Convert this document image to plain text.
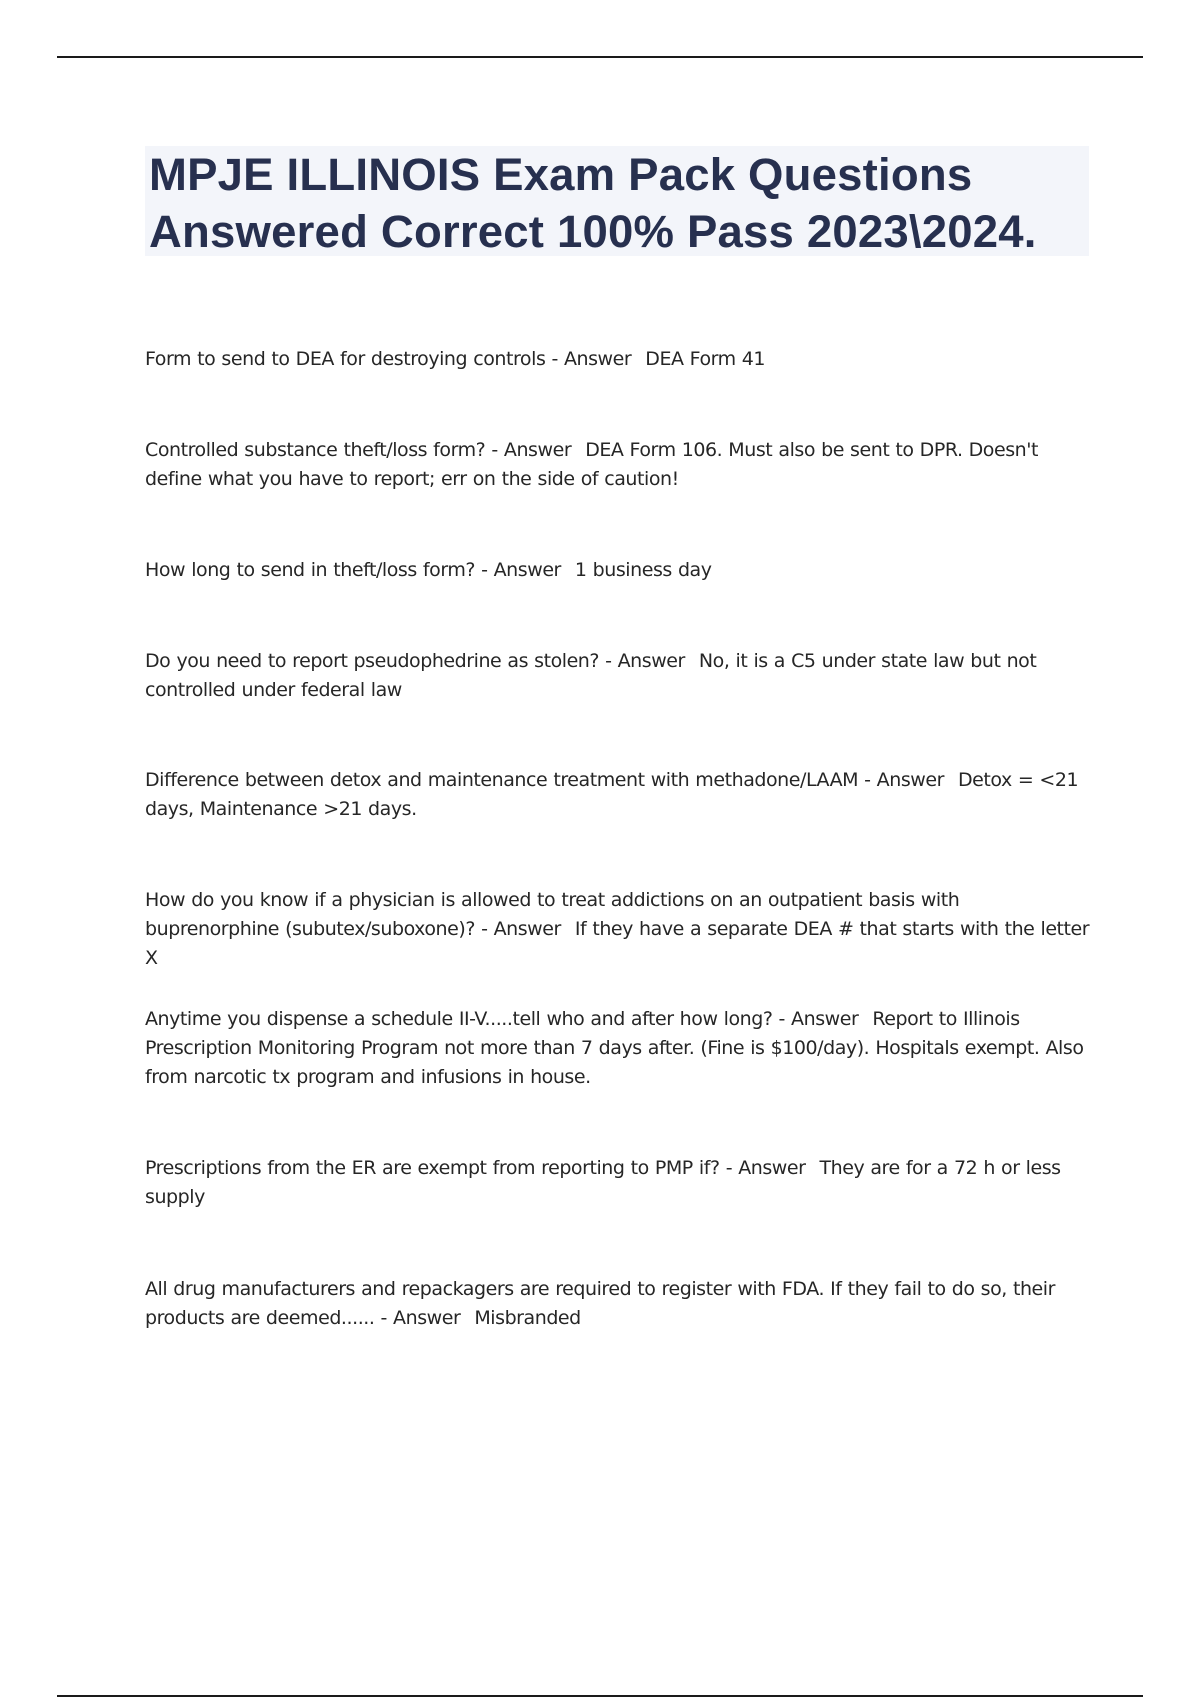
MPJE ILLINOIS Exam Pack Questions
Answered Correct 100% Pass 2023\2024.
Form to send to DEA for destroying controls - Answer DEA Form 41
Controlled substance theft/loss form? - Answer DEA Form 106. Must also be sent to DPR. Doesn't define what you have to report; err on the side of caution!
How long to send in theft/loss form? - Answer 1 business day
Do you need to report pseudophedrine as stolen? - Answer No, it is a C5 under state law but not controlled under federal law
Difference between detox and maintenance treatment with methadone/LAAM - Answer Detox = <21 days, Maintenance >21 days.
How do you know if a physician is allowed to treat addictions on an outpatient basis with buprenorphine (subutex/suboxone)? - Answer If they have a separate DEA # that starts with the letter X
Anytime you dispense a schedule II-V.....tell who and after how long? - Answer Report to Illinois Prescription Monitoring Program not more than 7 days after. (Fine is $100/day). Hospitals exempt. Also from narcotic tx program and infusions in house.
Prescriptions from the ER are exempt from reporting to PMP if? - Answer They are for a 72 h or less supply
All drug manufacturers and repackagers are required to register with FDA. If they fail to do so, their products are deemed...... - Answer Misbranded
